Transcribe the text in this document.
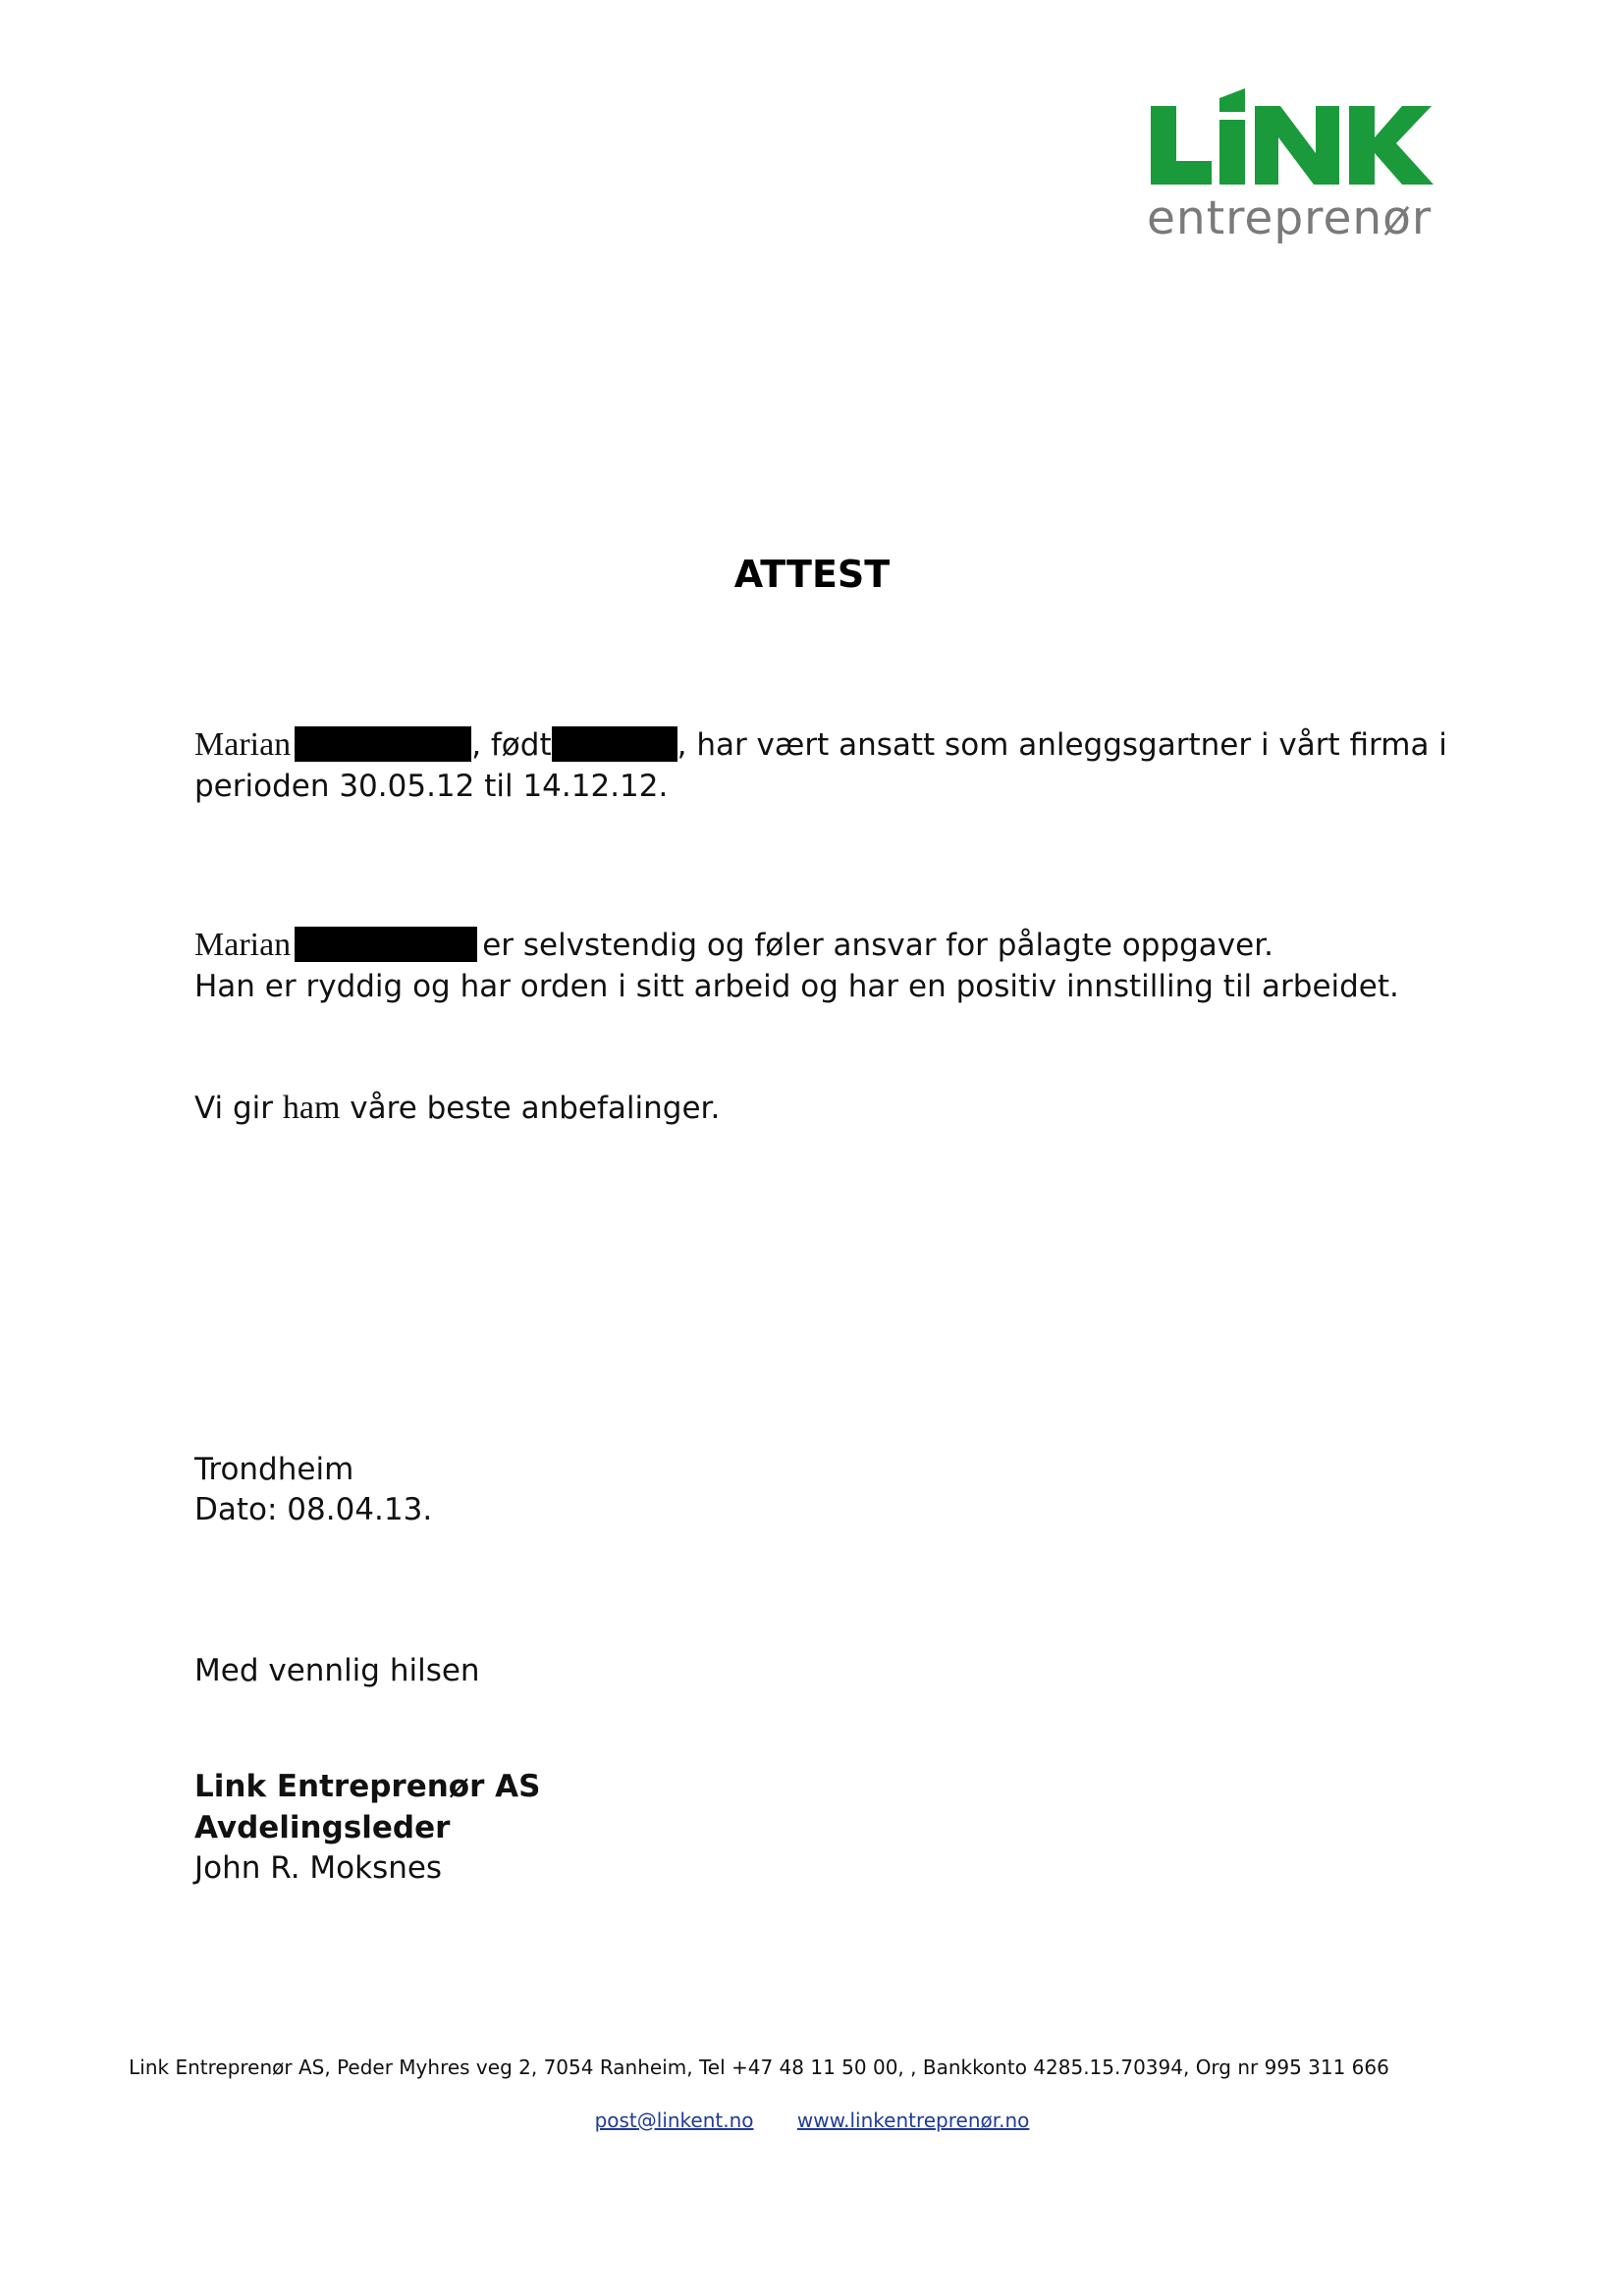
entreprenør
ATTEST
Marian	, født	, har vært ansatt som anleggsgartner i vårt firma i
perioden 30.05.12 til 14.12.12.
Marian	er selvstendig og føler ansvar for pålagte oppgaver.
Han er ryddig og har orden i sitt arbeid og har en positiv innstilling til arbeidet.
Vi gir ham våre beste anbefalinger.
Trondheim
Dato: 08.04.13.
Med vennlig hilsen
Link Entreprenør AS
Avdelingsleder
John R. Moksnes
Link Entreprenør AS, Peder Myhres veg 2, 7054 Ranheim, Tel +47 48 11 50 00, , Bankkonto 4285.15.70394, Org nr 995 311 666
post@linkent.no www.linkentreprenør.no
